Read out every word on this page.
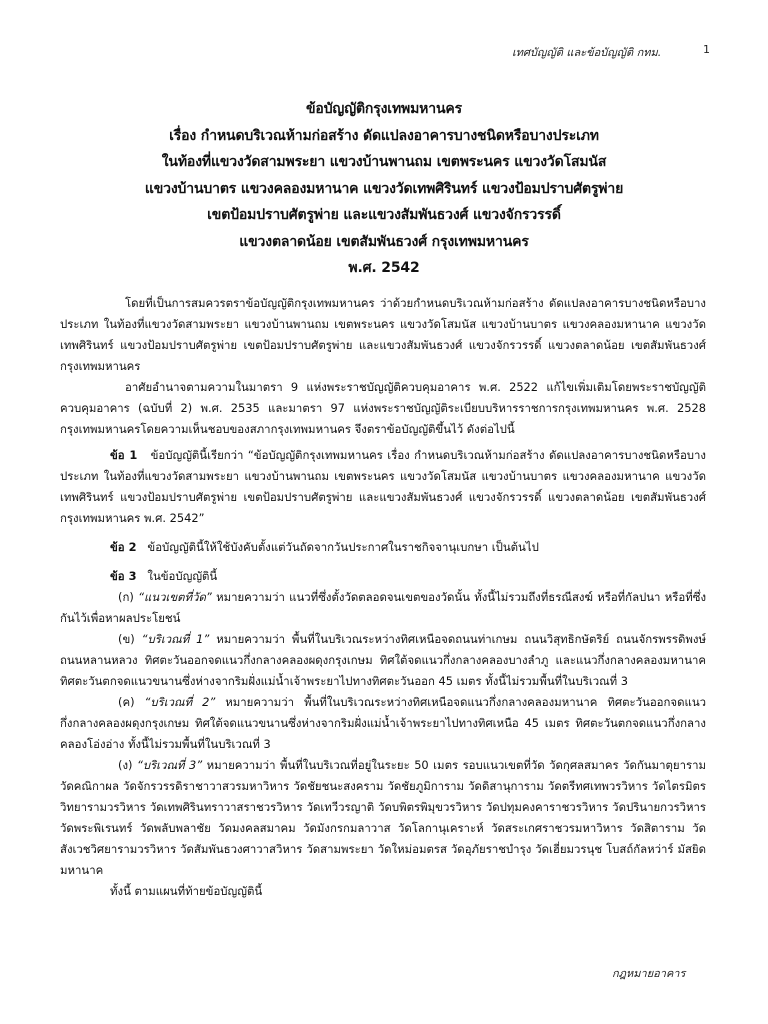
เทศบัญญัติ และข้อบัญญัติ กทม.	1
ข้อบัญญัติกรุงเทพมหานคร
เรื่อง กำหนดบริเวณห้ามก่อสร้าง ดัดแปลงอาคารบางชนิดหรือบางประเภท
ในท้องที่แขวงวัดสามพระยา แขวงบ้านพานถม เขตพระนคร แขวงวัดโสมนัส
แขวงบ้านบาตร แขวงคลองมหานาค แขวงวัดเทพศิรินทร์ แขวงป้อมปราบศัตรูพ่าย
เขตป้อมปราบศัตรูพ่าย และแขวงสัมพันธวงศ์ แขวงจักรวรรดิ์
แขวงตลาดน้อย เขตสัมพันธวงศ์ กรุงเทพมหานคร
พ.ศ. 2542

โดยที่เป็นการสมควรตราข้อบัญญัติกรุงเทพมหานคร ว่าด้วยกำหนดบริเวณห้ามก่อสร้าง ดัดแปลงอาคารบางชนิดหรือบางประเภท ในท้องที่แขวงวัดสามพระยา แขวงบ้านพานถม เขตพระนคร แขวงวัดโสมนัส แขวงบ้านบาตร แขวงคลองมหานาค แขวงวัดเทพศิรินทร์ แขวงป้อมปราบศัตรูพ่าย เขตป้อมปราบศัตรูพ่าย และแขวงสัมพันธวงศ์ แขวงจักรวรรดิ์ แขวงตลาดน้อย เขตสัมพันธวงศ์ กรุงเทพมหานคร

อาศัยอำนาจตามความในมาตรา 9 แห่งพระราชบัญญัติควบคุมอาคาร พ.ศ. 2522 แก้ไขเพิ่มเติมโดยพระราชบัญญัติควบคุมอาคาร (ฉบับที่ 2) พ.ศ. 2535 และมาตรา 97 แห่งพระราชบัญญัติระเบียบบริหารราชการกรุงเทพมหานคร พ.ศ. 2528 กรุงเทพมหานครโดยความเห็นชอบของสภากรุงเทพมหานคร จึงตราข้อบัญญัติขึ้นไว้ ดังต่อไปนี้

ข้อ 1 ข้อบัญญัตินี้เรียกว่า “ข้อบัญญัติกรุงเทพมหานคร เรื่อง กำหนดบริเวณห้ามก่อสร้าง ดัดแปลงอาคารบางชนิดหรือบางประเภท ในท้องที่แขวงวัดสามพระยา แขวงบ้านพานถม เขตพระนคร แขวงวัดโสมนัส แขวงบ้านบาตร แขวงคลองมหานาค แขวงวัดเทพศิรินทร์ แขวงป้อมปราบศัตรูพ่าย เขตป้อมปราบศัตรูพ่าย และแขวงสัมพันธวงศ์ แขวงจักรวรรดิ์ แขวงตลาดน้อย เขตสัมพันธวงศ์ กรุงเทพมหานคร พ.ศ. 2542”

ข้อ 2 ข้อบัญญัตินี้ให้ใช้บังคับตั้งแต่วันถัดจากวันประกาศในราชกิจจานุเบกษา เป็นต้นไป

ข้อ 3 ในข้อบัญญัตินี้

(ก) “แนวเขตที่วัด” หมายความว่า แนวที่ซึ่งตั้งวัดตลอดจนเขตของวัดนั้น ทั้งนี้ไม่รวมถึงที่ธรณีสงฆ์ หรือที่กัลปนา หรือที่ซึ่งกันไว้เพื่อหาผลประโยชน์

(ข) “บริเวณที่ 1” หมายความว่า พื้นที่ในบริเวณระหว่างทิศเหนือจดถนนท่าเกษม ถนนวิสุทธิกษัตริย์ ถนนจักรพรรดิพงษ์ ถนนหลานหลวง ทิศตะวันออกจดแนวกึ่งกลางคลองผดุงกรุงเกษม ทิศใต้จดแนวกึ่งกลางคลองบางลำภู และแนวกึ่งกลางคลองมหานาค ทิศตะวันตกจดแนวขนานซึ่งห่างจากริมฝั่งแม่น้ำเจ้าพระยาไปทางทิศตะวันออก 45 เมตร ทั้งนี้ไม่รวมพื้นที่ในบริเวณที่ 3

(ค) “บริเวณที่ 2” หมายความว่า พื้นที่ในบริเวณระหว่างทิศเหนือจดแนวกึ่งกลางคลองมหานาค ทิศตะวันออกจดแนวกึ่งกลางคลองผดุงกรุงเกษม ทิศใต้จดแนวขนานซึ่งห่างจากริมฝั่งแม่น้ำเจ้าพระยาไปทางทิศเหนือ 45 เมตร ทิศตะวันตกจดแนวกึ่งกลางคลองโอ่งอ่าง ทั้งนี้ไม่รวมพื้นที่ในบริเวณที่ 3

(ง) “บริเวณที่ 3” หมายความว่า พื้นที่ในบริเวณที่อยู่ในระยะ 50 เมตร รอบแนวเขตที่วัด วัดกุศลสมาคร วัดกันมาตุยาราม วัดคณิกาผล วัดจักรวรรดิราชาวาสวรมหาวิหาร วัดชัยชนะสงคราม วัดชัยภูมิการาม วัดดิสานุการาม วัดตรีทศเทพวรวิหาร วัดไตรมิตรวิทยารามวรวิหาร วัดเทพศิรินทราวาสราชวรวิหาร วัดเทวีวรญาติ วัดบพิตรพิมุขวรวิหาร วัดปทุมคงคาราชวรวิหาร วัดปรินายกวรวิหาร วัดพระพิเรนทร์ วัดพลับพลาชัย วัดมงคลสมาคม วัดมังกรกมลาวาส วัดโลกานุเคราะห์ วัดสระเกศราชวรมหาวิหาร วัดสิตาราม วัดสังเวชวิศยารามวรวิหาร วัดสัมพันธวงศาวาสวิหาร วัดสามพระยา วัดใหม่อมตรส วัดอุภัยราชบำรุง วัดเฮี่ยมวรนุช โบสถ์กัลหว่าร์ มัสยิดมหานาค

ทั้งนี้ ตามแผนที่ท้ายข้อบัญญัตินี้

กฎหมายอาคาร
